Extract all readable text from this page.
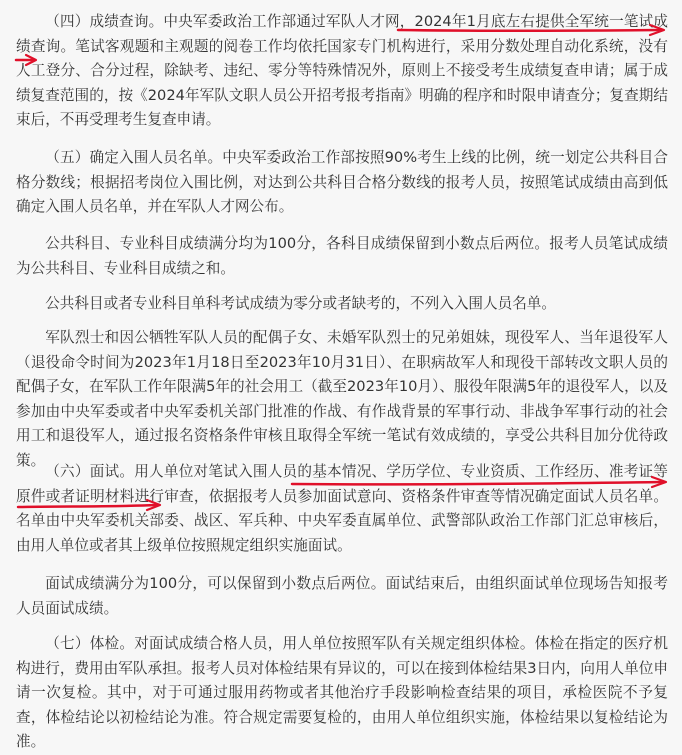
（四）成绩查询。中央军委政治工作部通过军队人才网，2024年1月底左右提供全军统一笔试成绩查询。笔试客观题和主观题的阅卷工作均依托国家专门机构进行，采用分数处理自动化系统，没有人工登分、合分过程，除缺考、违纪、零分等特殊情况外，原则上不接受考生成绩复查申请；属于成绩复查范围的，按《2024年军队文职人员公开招考报考指南》明确的程序和时限申请查分；复查期结束后，不再受理考生复查申请。

（五）确定入围人员名单。中央军委政治工作部按照90%考生上线的比例，统一划定公共科目合格分数线；根据招考岗位入围比例，对达到公共科目合格分数线的报考人员，按照笔试成绩由高到低确定入围人员名单，并在军队人才网公布。

公共科目、专业科目成绩满分均为100分，各科目成绩保留到小数点后两位。报考人员笔试成绩为公共科目、专业科目成绩之和。

公共科目或者专业科目单科考试成绩为零分或者缺考的，不列入入围人员名单。

军队烈士和因公牺牲军队人员的配偶子女、未婚军队烈士的兄弟姐妹，现役军人、当年退役军人（退役命令时间为2023年1月18日至2023年10月31日）、在职病故军人和现役干部转改文职人员的配偶子女，在军队工作年限满5年的社会用工（截至2023年10月）、服役年限满5年的退役军人，以及参加由中央军委或者中央军委机关部门批准的作战、有作战背景的军事行动、非战争军事行动的社会用工和退役军人，通过报名资格条件审核且取得全军统一笔试有效成绩的，享受公共科目加分优待政策。

（六）面试。用人单位对笔试入围人员的基本情况、学历学位、专业资质、工作经历、准考证等原件或者证明材料进行审查，依据报考人员参加面试意向、资格条件审查等情况确定面试人员名单。名单由中央军委机关部委、战区、军兵种、中央军委直属单位、武警部队政治工作部门汇总审核后，由用人单位或者其上级单位按照规定组织实施面试。

面试成绩满分为100分，可以保留到小数点后两位。面试结束后，由组织面试单位现场告知报考人员面试成绩。

（七）体检。对面试成绩合格人员，用人单位按照军队有关规定组织体检。体检在指定的医疗机构进行，费用由军队承担。报考人员对体检结果有异议的，可以在接到体检结果3日内，向用人单位申请一次复检。其中，对于可通过服用药物或者其他治疗手段影响检查结果的项目，承检医院不予复查，体检结论以初检结论为准。符合规定需要复检的，由用人单位组织实施，体检结果以复检结论为准。
